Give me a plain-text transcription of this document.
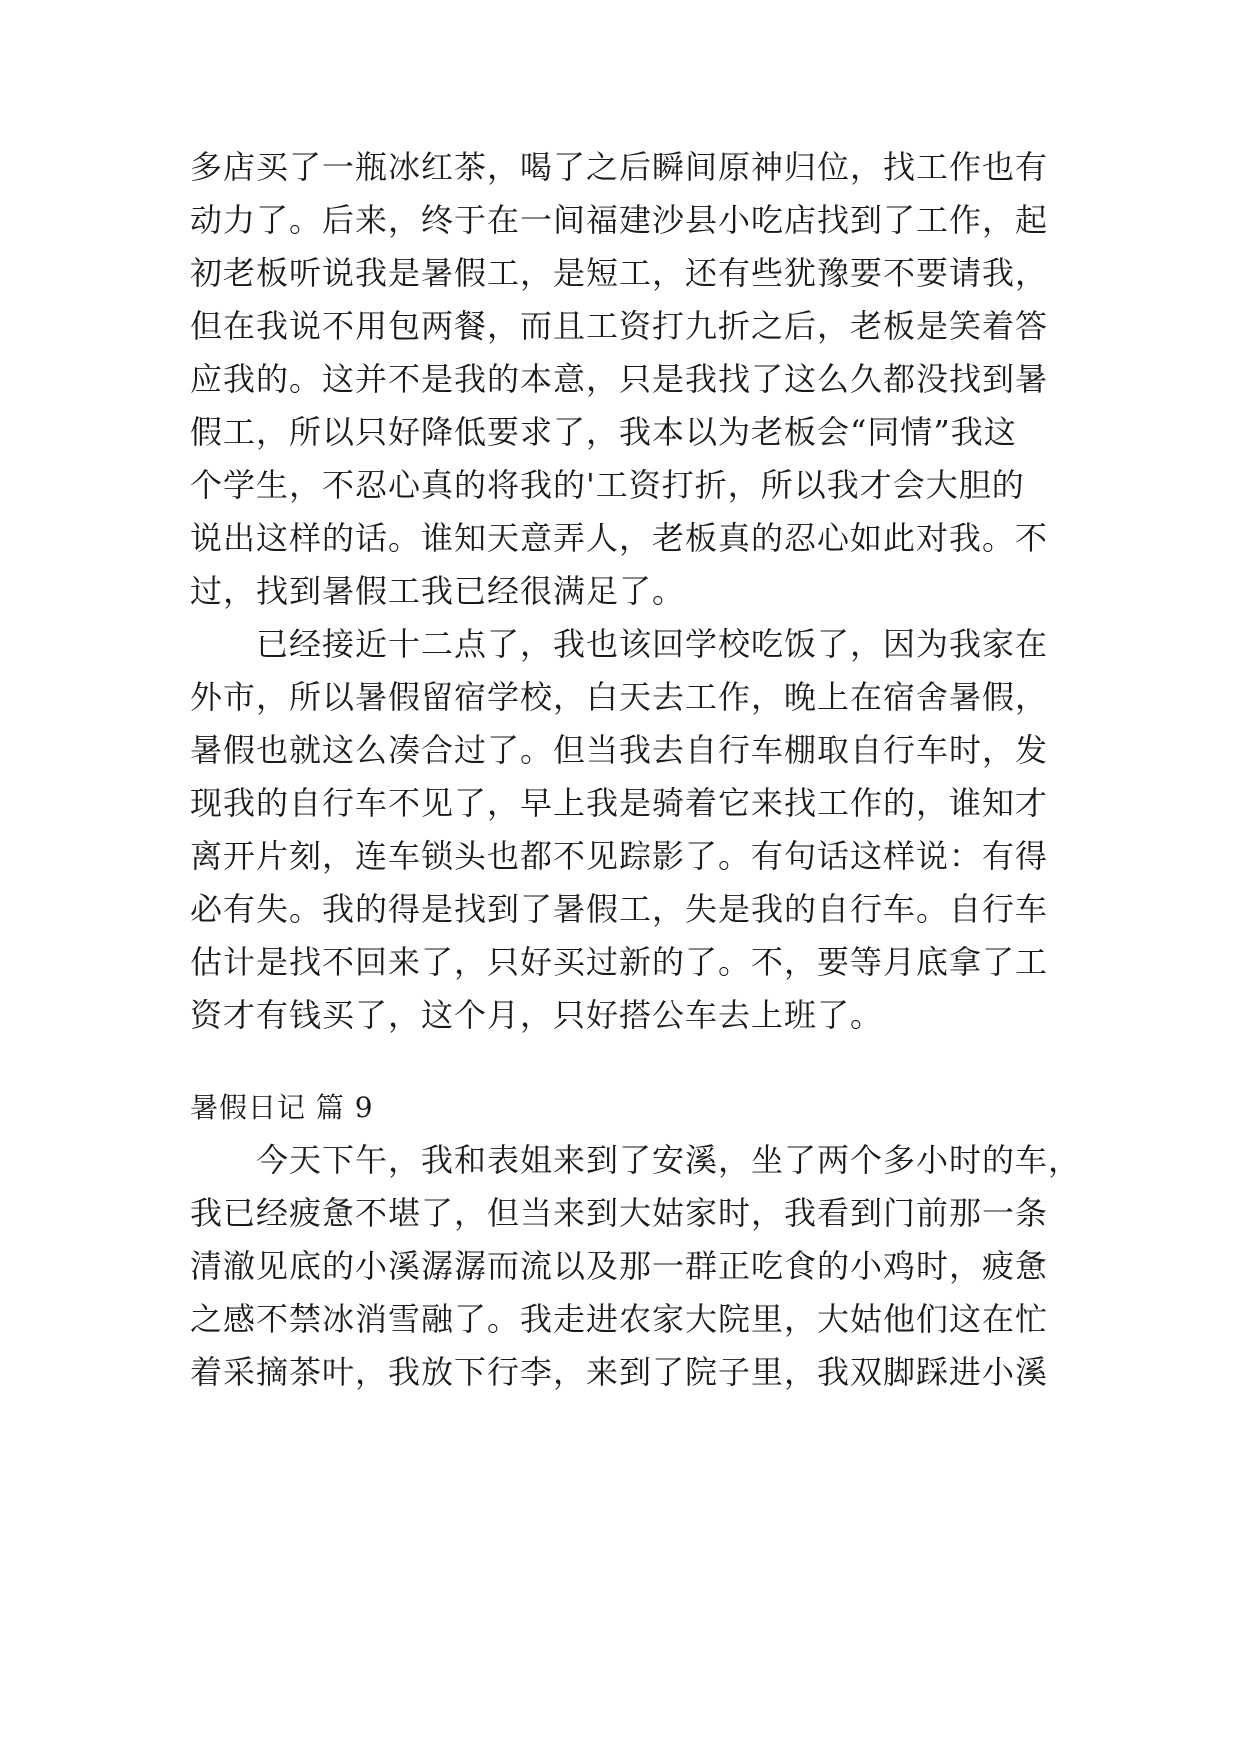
多店买了一瓶冰红茶，喝了之后瞬间原神归位，找工作也有
动力了。后来，终于在一间福建沙县小吃店找到了工作，起
初老板听说我是暑假工，是短工，还有些犹豫要不要请我，
但在我说不用包两餐，而且工资打九折之后，老板是笑着答
应我的。这并不是我的本意，只是我找了这么久都没找到暑
假工，所以只好降低要求了，我本以为老板会“同情”我这
个学生，不忍心真的将我的'工资打折，所以我才会大胆的
说出这样的话。谁知天意弄人，老板真的忍心如此对我。不
过，找到暑假工我已经很满足了。
已经接近十二点了，我也该回学校吃饭了，因为我家在
外市，所以暑假留宿学校，白天去工作，晚上在宿舍暑假，
暑假也就这么凑合过了。但当我去自行车棚取自行车时，发
现我的自行车不见了，早上我是骑着它来找工作的，谁知才
离开片刻，连车锁头也都不见踪影了。有句话这样说：有得
必有失。我的得是找到了暑假工，失是我的自行车。自行车
估计是找不回来了，只好买过新的了。不，要等月底拿了工
资才有钱买了，这个月，只好搭公车去上班了。
暑假日记 篇 9
今天下午，我和表姐来到了安溪，坐了两个多小时的车，
我已经疲惫不堪了，但当来到大姑家时，我看到门前那一条
清澈见底的小溪潺潺而流以及那一群正吃食的小鸡时，疲惫
之感不禁冰消雪融了。我走进农家大院里，大姑他们这在忙
着采摘茶叶，我放下行李，来到了院子里，我双脚踩进小溪
